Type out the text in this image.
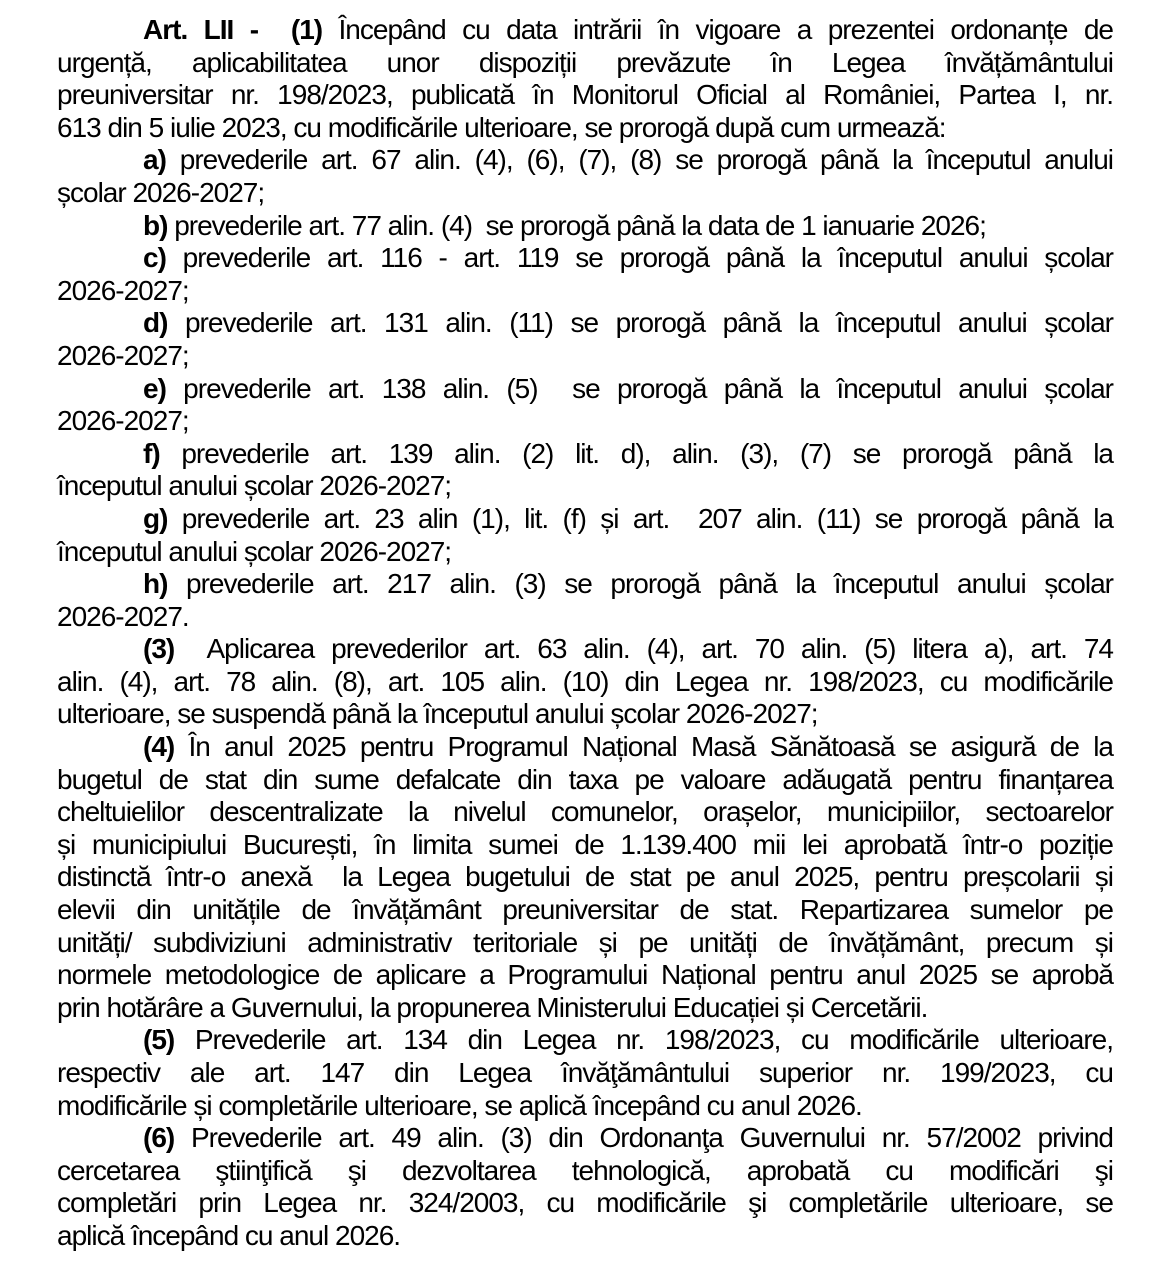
Art. LII -  (1) Începând cu data intrării în vigoare a prezentei ordonanțe de
urgență, aplicabilitatea unor dispoziții prevăzute în Legea învățământului
preuniversitar nr. 198/2023, publicată în Monitorul Oficial al României, Partea I, nr.
613 din 5 iulie 2023, cu modificările ulterioare, se prorogă după cum urmează:
a) prevederile art. 67 alin. (4), (6), (7), (8) se prorogă până la începutul anului
școlar 2026-2027;
b) prevederile art. 77 alin. (4)  se prorogă până la data de 1 ianuarie 2026;
c) prevederile art. 116 - art. 119 se prorogă până la începutul anului școlar
2026-2027;
d) prevederile art. 131 alin. (11) se prorogă până la începutul anului școlar
2026-2027;
e) prevederile art. 138 alin. (5)  se prorogă până la începutul anului școlar
2026-2027;
f) prevederile art. 139 alin. (2) lit. d), alin. (3), (7) se prorogă până la
începutul anului școlar 2026-2027;
g) prevederile art. 23 alin (1), lit. (f) și art.  207 alin. (11) se prorogă până la
începutul anului școlar 2026-2027;
h) prevederile art. 217 alin. (3) se prorogă până la începutul anului școlar
2026-2027.
(3)  Aplicarea prevederilor art. 63 alin. (4), art. 70 alin. (5) litera a), art. 74
alin. (4), art. 78 alin. (8), art. 105 alin. (10) din Legea nr. 198/2023, cu modificările
ulterioare, se suspendă până la începutul anului școlar 2026-2027;
(4) În anul 2025 pentru Programul Național Masă Sănătoasă se asigură de la
bugetul de stat din sume defalcate din taxa pe valoare adăugată pentru finanțarea
cheltuielilor descentralizate la nivelul comunelor, orașelor, municipiilor, sectoarelor
și municipiului București, în limita sumei de 1.139.400 mii lei aprobată într-o poziție
distinctă într-o anexă  la Legea bugetului de stat pe anul 2025, pentru preșcolarii și
elevii din unitățile de învățământ preuniversitar de stat. Repartizarea sumelor pe
unități/ subdiviziuni administrativ teritoriale și pe unități de învățământ, precum și
normele metodologice de aplicare a Programului Național pentru anul 2025 se aprobă
prin hotărâre a Guvernului, la propunerea Ministerului Educației și Cercetării.
(5) Prevederile art. 134 din Legea nr. 198/2023, cu modificările ulterioare,
respectiv ale art. 147 din Legea învăţământului superior nr. 199/2023, cu
modificările și completările ulterioare, se aplică începând cu anul 2026.
(6) Prevederile art. 49 alin. (3) din Ordonanţa Guvernului nr. 57/2002 privind
cercetarea ştiinţifică şi dezvoltarea tehnologică, aprobată cu modificări şi
completări prin Legea nr. 324/2003, cu modificările şi completările ulterioare, se
aplică începând cu anul 2026.
